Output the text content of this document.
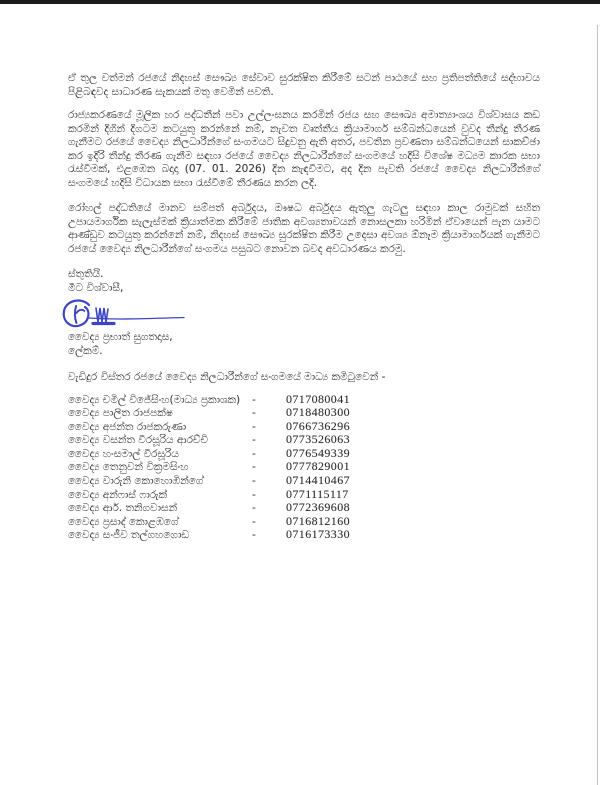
ඒ තුල වත්මන් රජයේ නිදහස් සෞඛ්‍ය සේවාව සුරක්ෂිත කිරීමේ සටන් පාඨයේ සහ ප්‍රතිපත්තියේ සද්භාවය පිළිබඳවද සාධාරණ සැකයක් මතු වෙමින් පවති.

රාජ්‍යකරණයේ මූලික හර පද්ධතීන් පවා උල්ලංඝනය කරමින් රජය සහ සෞඛ්‍ය අමාත්‍යාංශය විශ්වාසය කඩ කරමින් දිගින් දිගටම කටයුතු කරන්නේ නම්, නැවත වෘත්තීය ක්‍රියාමාර්ග සම්බන්ධයෙන් වුවද තීන්දු තීරණ ගැනීමට රජයේ වෛද්‍ය නිලධාරීන්ගේ සංගමයට සිදුවනු ඇති අතර, පවතින ප්‍රවණතා සම්බන්ධයෙන් සාකච්ඡා කර ඉදිරි තීන්දු තීරණ ගැනීම සඳහා රජයේ වෛද්‍ය නිලධාරීන්ගේ සංගමයේ හදිසි විශේෂ මධ්‍යම කාරක සභා රැස්වීමක්, එළඹෙන බදාදා (07. 01. 2026) දින කැඳවීමට, අද දින පැවති රජයේ වෛද්‍ය නිලධාරීන්ගේ සංගමයේ හදිසි විධායක සභා රැස්වීමේ තීරණය කරන ලදි.

රෝහල් පද්ධතියේ මානව සම්පත් අර්බුදය, ඖෂධ අර්බුදය ඇතුලු ගැටලු සඳහා කාල රාමුවක් සහිත උපායමාර්ගික සැලැස්මක් ක්‍රියාත්මක කිරීමේ ජාතික අවශ්‍යතාවයන් නොසලකා හරිමින් ඒවායෙන් පැන යාමට ආණ්ඩුව කටයුතු කරන්නේ නම්, නිදහස් සෞඛ්‍ය සුරක්ෂිත කිරීම උදෙසා අවශ්‍ය ඕනෑම ක්‍රියාමාර්ගයක් ගැනීමට රජයේ වෛද්‍ය නිලධාරීන්ගේ සංගමය පසුබට නොවන බවද අවධාරණය කරමු.

ස්තුතියි.

මීට විශ්වාසී,

වෛද්‍ය ප්‍රභාත් සුගතදාස,

ලේකම්.

වැඩිදුර විස්තර රජයේ වෛද්‍ය නිලධාරීන්ගේ සංගමයේ මාධ්‍ය කමිටුවෙන් -

වෛද්‍ය චමිල් විජේසිංහ(මාධ්‍ය ප්‍රකාශක)	-	0717080041
වෛද්‍ය පාලිත රාජපක්ෂ	-	0718480300
වෛද්‍ය අජන්ත රාජකරුණා	-	0766736296
වෛද්‍ය වසන්ත වීරසූරිය ආරච්චි	-	0773526063
වෛද්‍ය හංසමාල් වීරසූරිය	-	0776549339
වෛද්‍ය තෙනුවන් වික්‍රමසිංහ	-	0777829001
වෛද්‍ය වාරුනි කොහොඹින්ගේ	-	0714410467
වෛද්‍ය අන්ෆාස් ෆාරුක්	-	0771115117
වෛද්‍ය ආර්. තනිගවාසන්	-	0772369608
වෛද්‍ය ප්‍රසාද් කොළඹගේ	-	0716812160
වෛද්‍ය සංජීව තල්ගහගොඩ	-	0716173330
